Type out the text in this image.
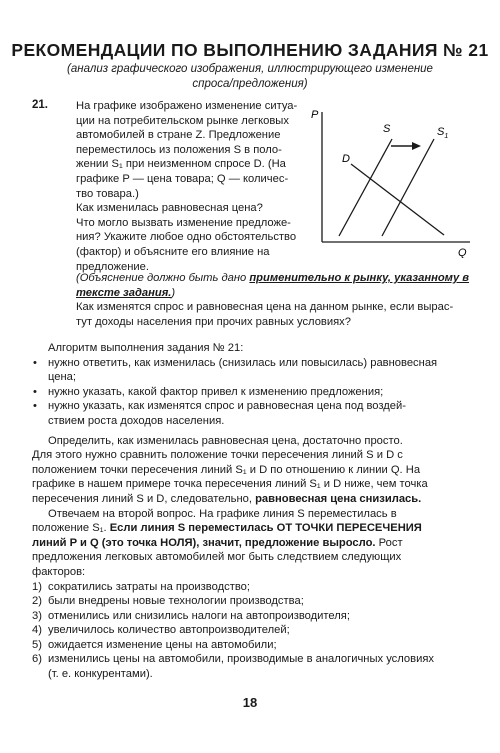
РЕКОМЕНДАЦИИ ПО ВЫПОЛНЕНИЮ ЗАДАНИЯ № 21
(анализ графического изображения, иллюстрирующего изменение
спроса/предложения)
21.	На графике изображено изменение ситуа-
ции на потребительском рынке легковых
автомобилей в стране Z. Предложение
переместилось из положения S в поло-
жении S₁ при неизменном спросе D. (На
графике P — цена товара; Q — количес-
тво товара.)
Как изменилась равновесная цена?
Что могло вызвать изменение предложе-
ния? Укажите любое одно обстоятельство
(фактор) и объясните его влияние на
предложение.
P
Q
D
S	$S_1$
(Объяснение должно быть дано применительно к рынку, указанному в
тексте задания.)
Как изменятся спрос и равновесная цена на данном рынке, если вырас-
тут доходы населения при прочих равных условиях?
Алгоритм выполнения задания № 21:
• нужно ответить, как изменилась (снизилась или повысилась) равновесная
цена;
• нужно указать, какой фактор привел к изменению предложения;
• нужно указать, как изменятся спрос и равновесная цена под воздей-
ствием роста доходов населения.
Определить, как изменилась равновесная цена, достаточно просто.
Для этого нужно сравнить положение точки пересечения линий S и D с
положением точки пересечения линий S₁ и D по отношению к линии Q. На
графике в нашем примере точка пересечения линий S₁ и D ниже, чем точка
пересечения линий S и D, следовательно, равновесная цена снизилась.
Отвечаем на второй вопрос. На графике линия S переместилась в
положение S₁. Если линия S переместилась ОТ ТОЧКИ ПЕРЕСЕЧЕНИЯ
линий P и Q (это точка НОЛЯ), значит, предложение выросло. Рост
предложения легковых автомобилей мог быть следствием следующих
факторов:
1) сократились затраты на производство;
2) были внедрены новые технологии производства;
3) отменились или снизились налоги на автопроизводителя;
4) увеличилось количество автопроизводителей;
5) ожидается изменение цены на автомобили;
6) изменились цены на автомобили, производимые в аналогичных условиях
(т. е. конкурентами).
18
